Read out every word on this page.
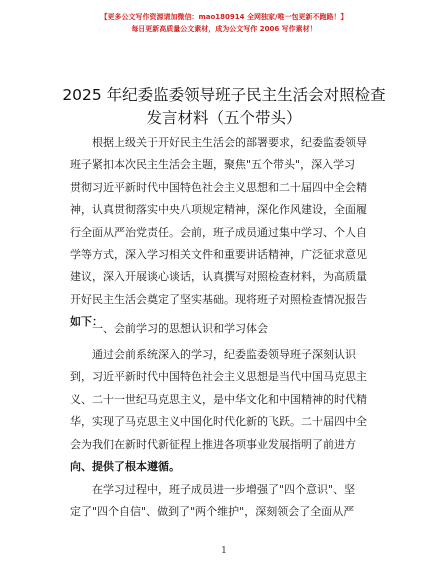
【更多公文写作资源请加微信：mao180914 全网独家/唯一包更新不跑路！】
每日更新高质量公文素材，成为公文写作 2006 写作素材！
2025 年纪委监委领导班子民主生活会对照检查
发言材料（五个带头）
根据上级关于开好民主生活会的部署要求，纪委监委领导
班子紧扣本次民主生活会主题，聚焦"五个带头"，深入学习
贯彻习近平新时代中国特色社会主义思想和二十届四中全会精
神，认真贯彻落实中央八项规定精神，深化作风建设，全面履
行全面从严治党责任。会前，班子成员通过集中学习、个人自
学等方式，深入学习相关文件和重要讲话精神，广泛征求意见
建议，深入开展谈心谈话，认真撰写对照检查材料，为高质量
开好民主生活会奠定了坚实基础。现将班子对照检查情况报告
如下：
一、会前学习的思想认识和学习体会
通过会前系统深入的学习，纪委监委领导班子深刻认识
到，习近平新时代中国特色社会主义思想是当代中国马克思主
义、二十一世纪马克思主义，是中华文化和中国精神的时代精
华，实现了马克思主义中国化时代化新的飞跃。二十届四中全
会为我们在新时代新征程上推进各项事业发展指明了前进方
向、提供了根本遵循。
在学习过程中，班子成员进一步增强了"四个意识"、坚
定了"四个自信"、做到了"两个维护"，深刻领会了全面从严
1
